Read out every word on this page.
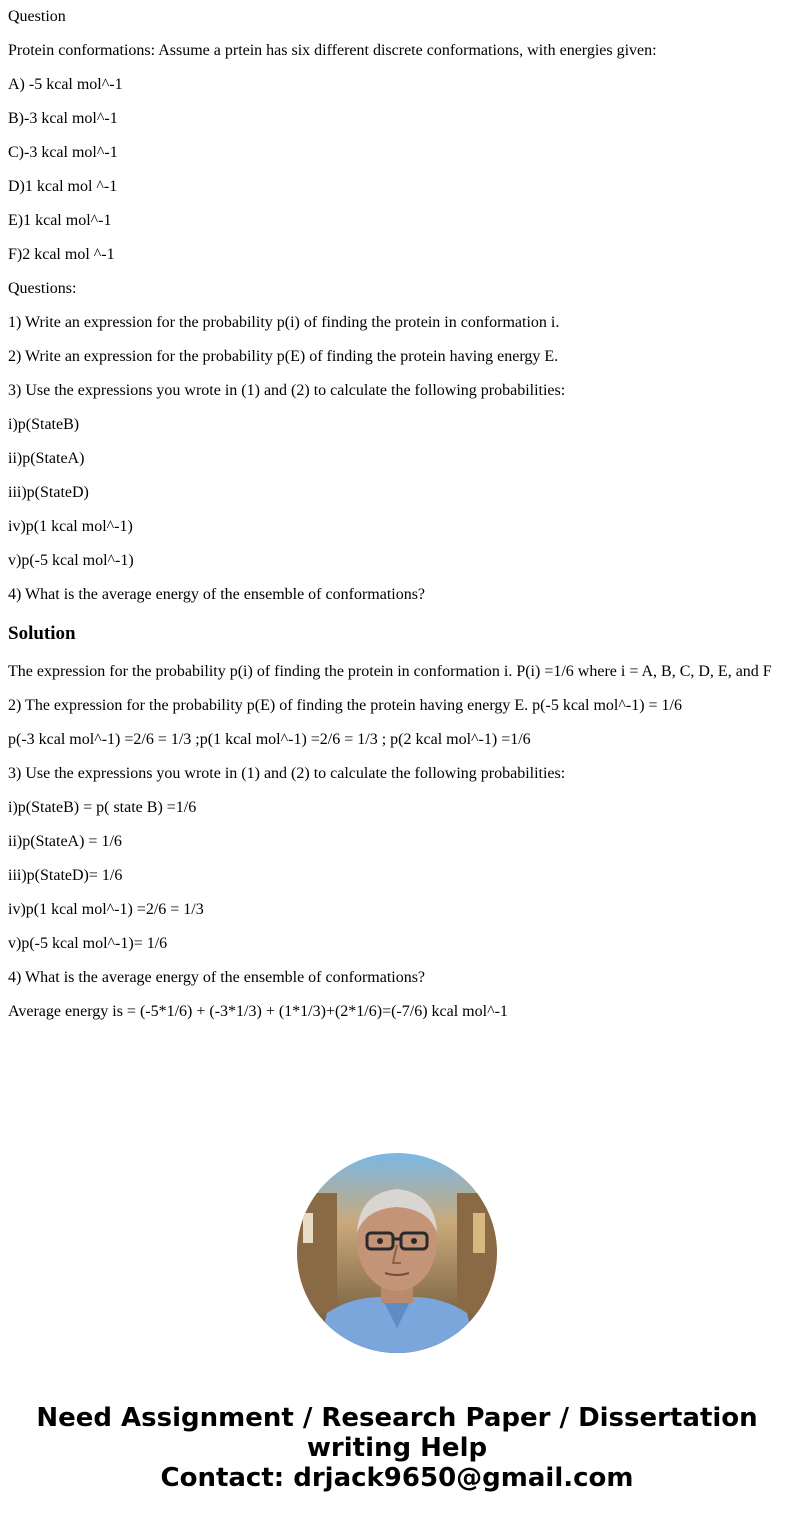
Question

Protein conformations: Assume a prtein has six different discrete conformations, with energies given:

A) -5 kcal mol^-1

B)-3 kcal mol^-1

C)-3 kcal mol^-1

D)1 kcal mol ^-1

E)1 kcal mol^-1

F)2 kcal mol ^-1

Questions:

1) Write an expression for the probability p(i) of finding the protein in conformation i.

2) Write an expression for the probability p(E) of finding the protein having energy E.

3) Use the expressions you wrote in (1) and (2) to calculate the following probabilities:

i)p(StateB)

ii)p(StateA)

iii)p(StateD)

iv)p(1 kcal mol^-1)

v)p(-5 kcal mol^-1)

4) What is the average energy of the ensemble of conformations?

Solution

The expression for the probability p(i) of finding the protein in conformation i. P(i) =1/6 where i = A, B, C, D, E, and F

2) The expression for the probability p(E) of finding the protein having energy E. p(-5 kcal mol^-1) = 1/6

p(-3 kcal mol^-1) =2/6 = 1/3 ;p(1 kcal mol^-1) =2/6 = 1/3 ; p(2 kcal mol^-1) =1/6

3) Use the expressions you wrote in (1) and (2) to calculate the following probabilities:

i)p(StateB) = p( state B) =1/6

ii)p(StateA) = 1/6

iii)p(StateD)= 1/6

iv)p(1 kcal mol^-1) =2/6 = 1/3

v)p(-5 kcal mol^-1)= 1/6

4) What is the average energy of the ensemble of conformations?

Average energy is = (-5*1/6) + (-3*1/3) + (1*1/3)+(2*1/6)=(-7/6) kcal mol^-1

Need Assignment / Research Paper / Dissertation
writing Help
Contact: drjack9650@gmail.com
